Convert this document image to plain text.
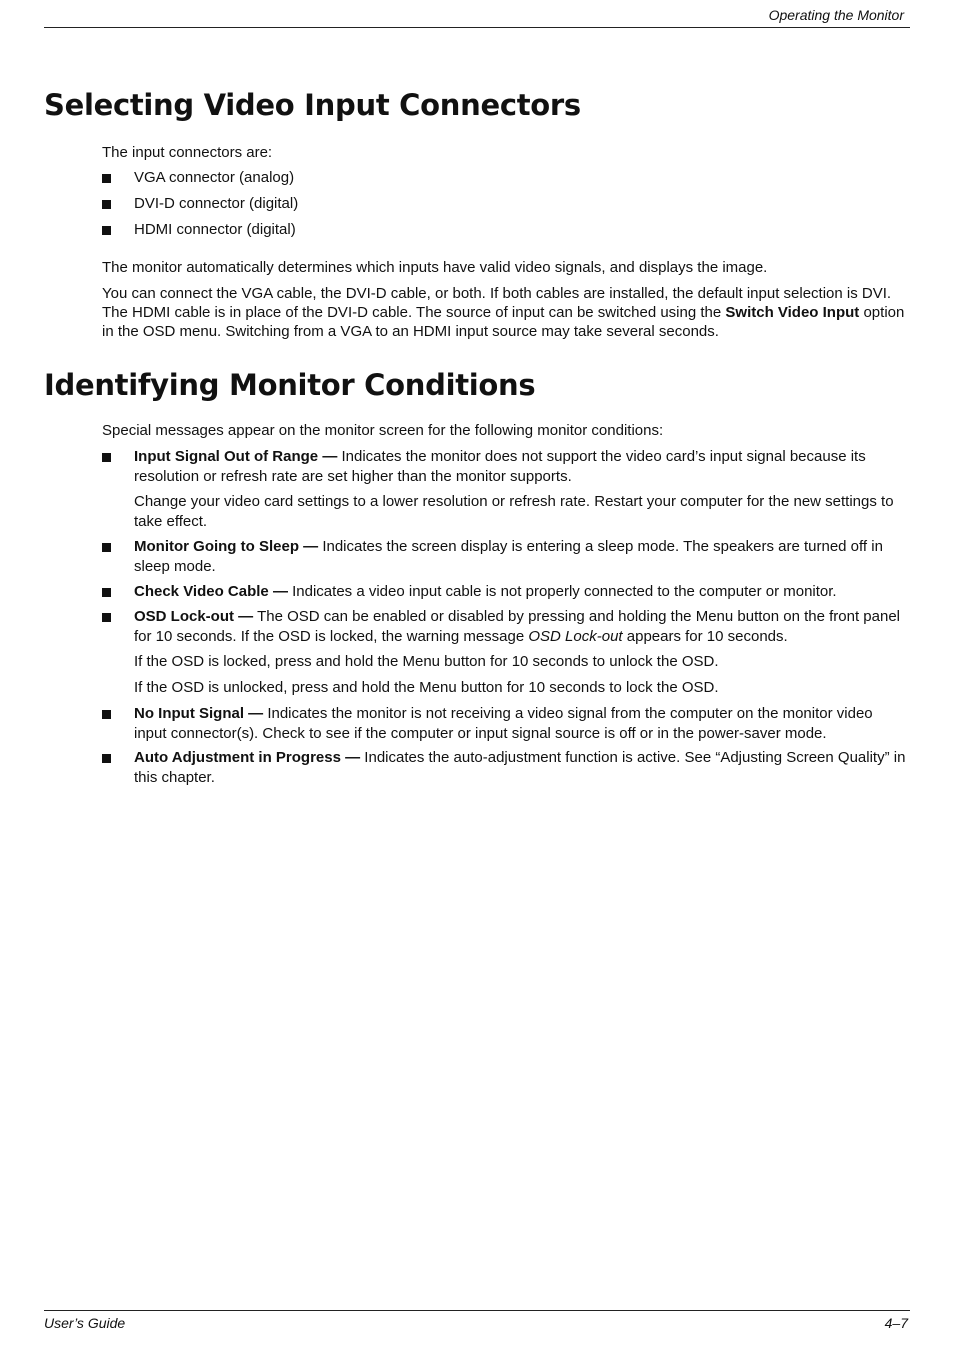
Operating the Monitor
Selecting Video Input Connectors

The input connectors are:

VGA connector (analog)
DVI-D connector (digital)
HDMI connector (digital)

The monitor automatically determines which inputs have valid video signals, and displays the image.

You can connect the VGA cable, the DVI-D cable, or both. If both cables are installed, the default input selection is DVI. The HDMI cable is in place of the DVI-D cable. The source of input can be switched using the Switch Video Input option in the OSD menu. Switching from a VGA to an HDMI input source may take several seconds.

Identifying Monitor Conditions

Special messages appear on the monitor screen for the following monitor conditions:

Input Signal Out of Range — Indicates the monitor does not support the video card’s input signal because its resolution or refresh rate are set higher than the monitor supports.

Change your video card settings to a lower resolution or refresh rate. Restart your computer for the new settings to take effect.

Monitor Going to Sleep — Indicates the screen display is entering a sleep mode. The speakers are turned off in sleep mode.
Check Video Cable — Indicates a video input cable is not properly connected to the computer or monitor.
OSD Lock-out — The OSD can be enabled or disabled by pressing and holding the Menu button on the front panel for 10 seconds. If the OSD is locked, the warning message OSD Lock-out appears for 10 seconds.

If the OSD is locked, press and hold the Menu button for 10 seconds to unlock the OSD.

If the OSD is unlocked, press and hold the Menu button for 10 seconds to lock the OSD.

No Input Signal — Indicates the monitor is not receiving a video signal from the computer on the monitor video input connector(s). Check to see if the computer or input signal source is off or in the power-saver mode.
Auto Adjustment in Progress — Indicates the auto-adjustment function is active. See “Adjusting Screen Quality” in this chapter.
User’s Guide	4–7
